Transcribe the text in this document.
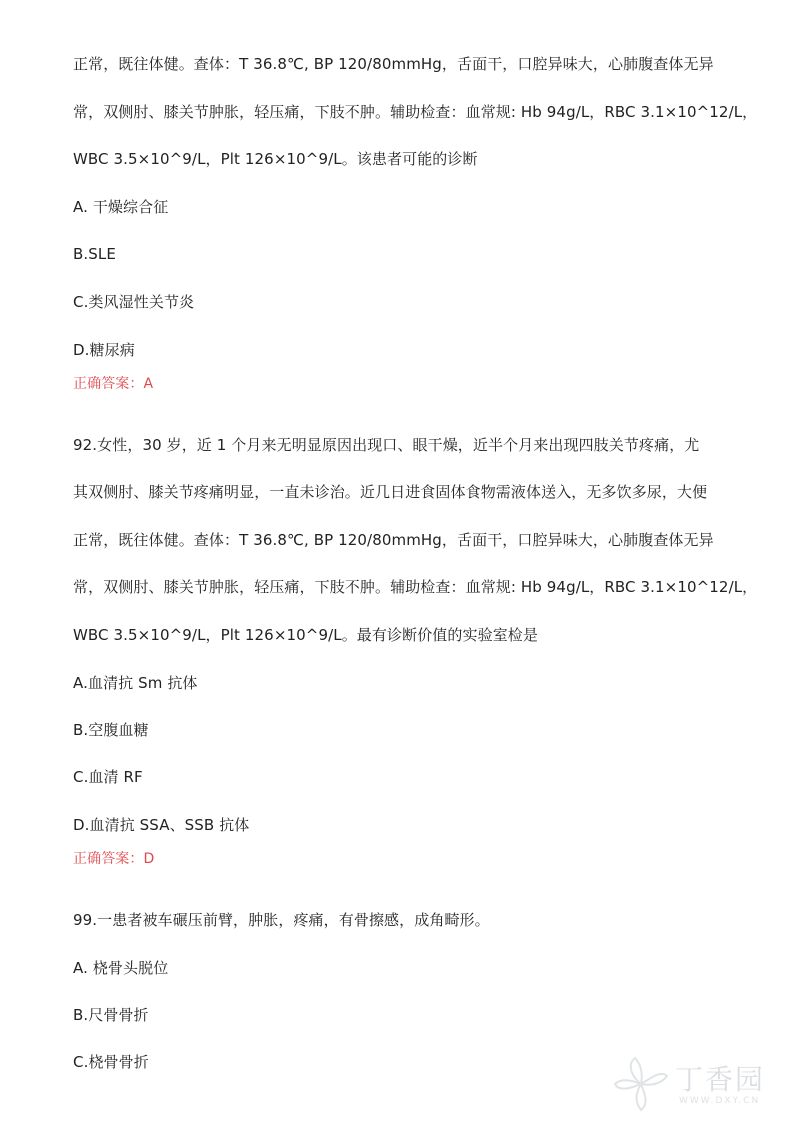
正常，既往体健。查体：T 36.8℃, BP 120/80mmHg，舌面干，口腔异味大，心肺腹查体无异
常，双侧肘、膝关节肿胀，轻压痛，下肢不肿。辅助检查：血常规: Hb 94g/L，RBC 3.1×10^12/L，
WBC 3.5×10^9/L，Plt 126×10^9/L。该患者可能的诊断
A. 干燥综合征
B.SLE
C.类风湿性关节炎
D.糖尿病
正确答案：A
92.女性，30 岁，近 1 个月来无明显原因出现口、眼干燥，近半个月来出现四肢关节疼痛，尤
其双侧肘、膝关节疼痛明显，一直未诊治。近几日进食固体食物需液体送入，无多饮多尿，大便
正常，既往体健。查体：T 36.8℃, BP 120/80mmHg，舌面干，口腔异味大，心肺腹查体无异
常，双侧肘、膝关节肿胀，轻压痛，下肢不肿。辅助检查：血常规: Hb 94g/L，RBC 3.1×10^12/L，
WBC 3.5×10^9/L，Plt 126×10^9/L。最有诊断价值的实验室检是
A.血清抗 Sm 抗体
B.空腹血糖
C.血清 RF
D.血清抗 SSA、SSB 抗体
正确答案：D
99.一患者被车碾压前臂，肿胀，疼痛，有骨擦感，成角畸形。
A. 桡骨头脱位
B.尺骨骨折
C.桡骨骨折
丁香园
WWW.DXY.CN
